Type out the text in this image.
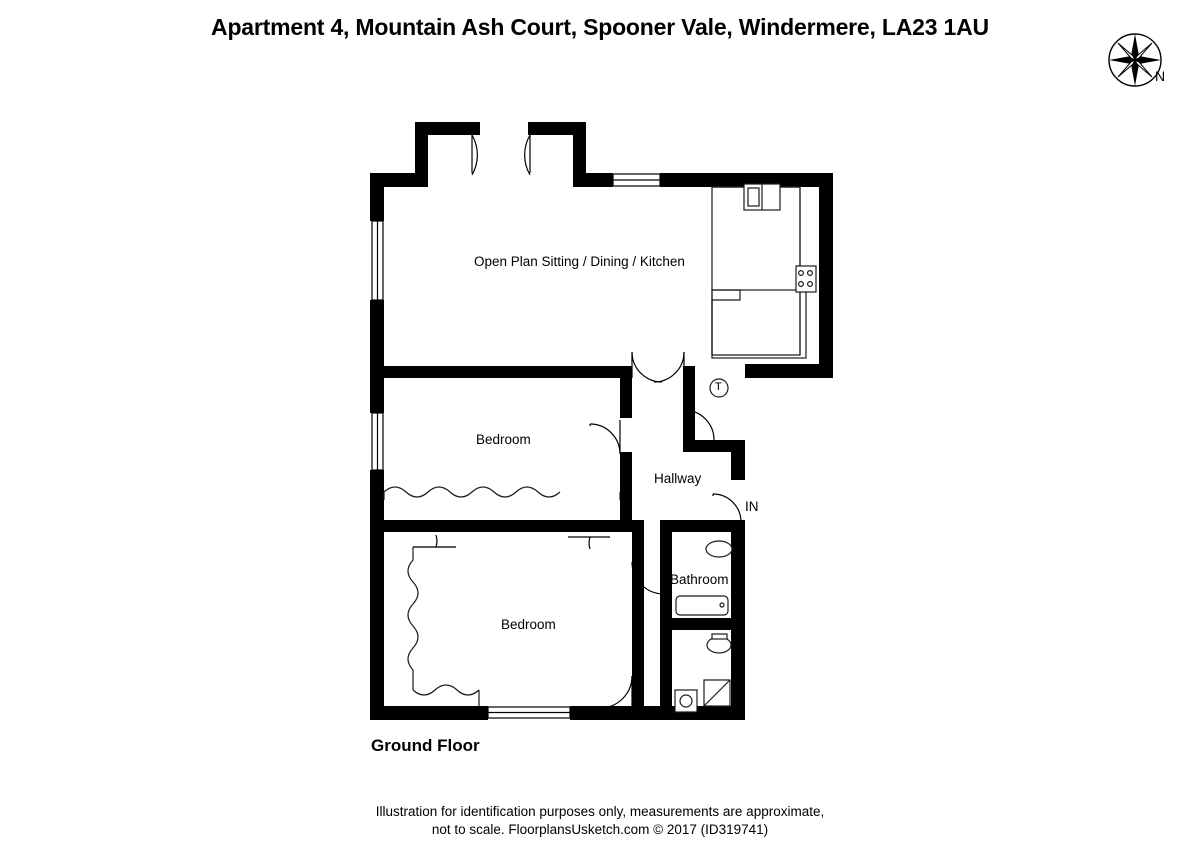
Apartment 4, Mountain Ash Court, Spooner Vale, Windermere, LA23 1AU
N
Open Plan Sitting / Dining / Kitchen
Bedroom
Hallway
Bedroom
Bathroom
IN
T
Ground Floor
Illustration for identification purposes only, measurements are approximate,
not to scale. FloorplansUsketch.com © 2017 (ID319741)
